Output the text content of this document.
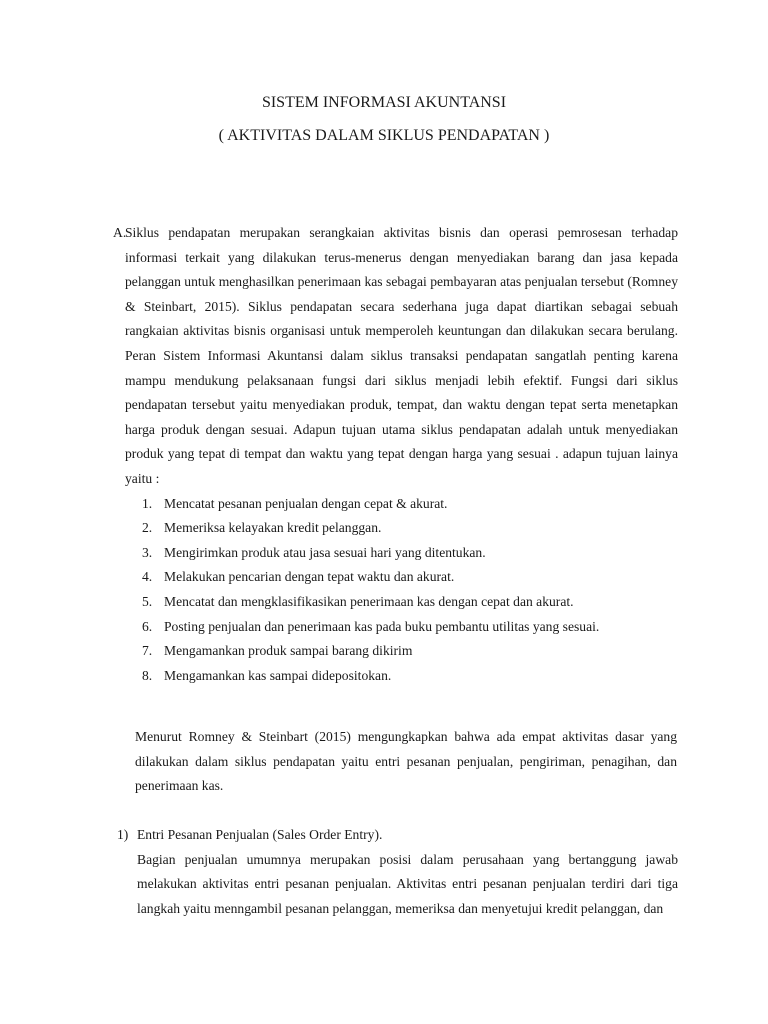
SISTEM INFORMASI AKUNTANSI
( AKTIVITAS DALAM SIKLUS PENDAPATAN )
A.

Siklus pendapatan merupakan serangkaian aktivitas bisnis dan operasi pemrosesan terhadap informasi terkait yang dilakukan terus-menerus dengan menyediakan barang dan jasa kepada pelanggan untuk menghasilkan penerimaan kas sebagai pembayaran atas penjualan tersebut (Romney & Steinbart, 2015). Siklus pendapatan secara sederhana juga dapat diartikan sebagai sebuah rangkaian aktivitas bisnis organisasi untuk memperoleh keuntungan dan dilakukan secara berulang. Peran Sistem Informasi Akuntansi dalam siklus transaksi pendapatan sangatlah penting karena mampu mendukung pelaksanaan fungsi dari siklus menjadi lebih efektif. Fungsi dari siklus pendapatan tersebut yaitu menyediakan produk, tempat, dan waktu dengan tepat serta menetapkan harga produk dengan sesuai. Adapun tujuan utama siklus pendapatan adalah untuk menyediakan produk yang tepat di tempat dan waktu yang tepat dengan harga yang sesuai . adapun tujuan lainya yaitu :

1. Mencatat pesanan penjualan dengan cepat & akurat.
2. Memeriksa kelayakan kredit pelanggan.
3. Mengirimkan produk atau jasa sesuai hari yang ditentukan.
4. Melakukan pencarian dengan tepat waktu dan akurat.
5. Mencatat dan mengklasifikasikan penerimaan kas dengan cepat dan akurat.
6. Posting penjualan dan penerimaan kas pada buku pembantu utilitas yang sesuai.
7. Mengamankan produk sampai barang dikirim
8. Mengamankan kas sampai didepositokan.

Menurut Romney & Steinbart (2015) mengungkapkan bahwa ada empat aktivitas dasar yang dilakukan dalam siklus pendapatan yaitu entri pesanan penjualan, pengiriman, penagihan, dan penerimaan kas.

1) Entri Pesanan Penjualan (Sales Order Entry).

Bagian penjualan umumnya merupakan posisi dalam perusahaan yang bertanggung jawab melakukan aktivitas entri pesanan penjualan. Aktivitas entri pesanan penjualan terdiri dari tiga langkah yaitu menngambil pesanan pelanggan, memeriksa dan menyetujui kredit pelanggan, dan
